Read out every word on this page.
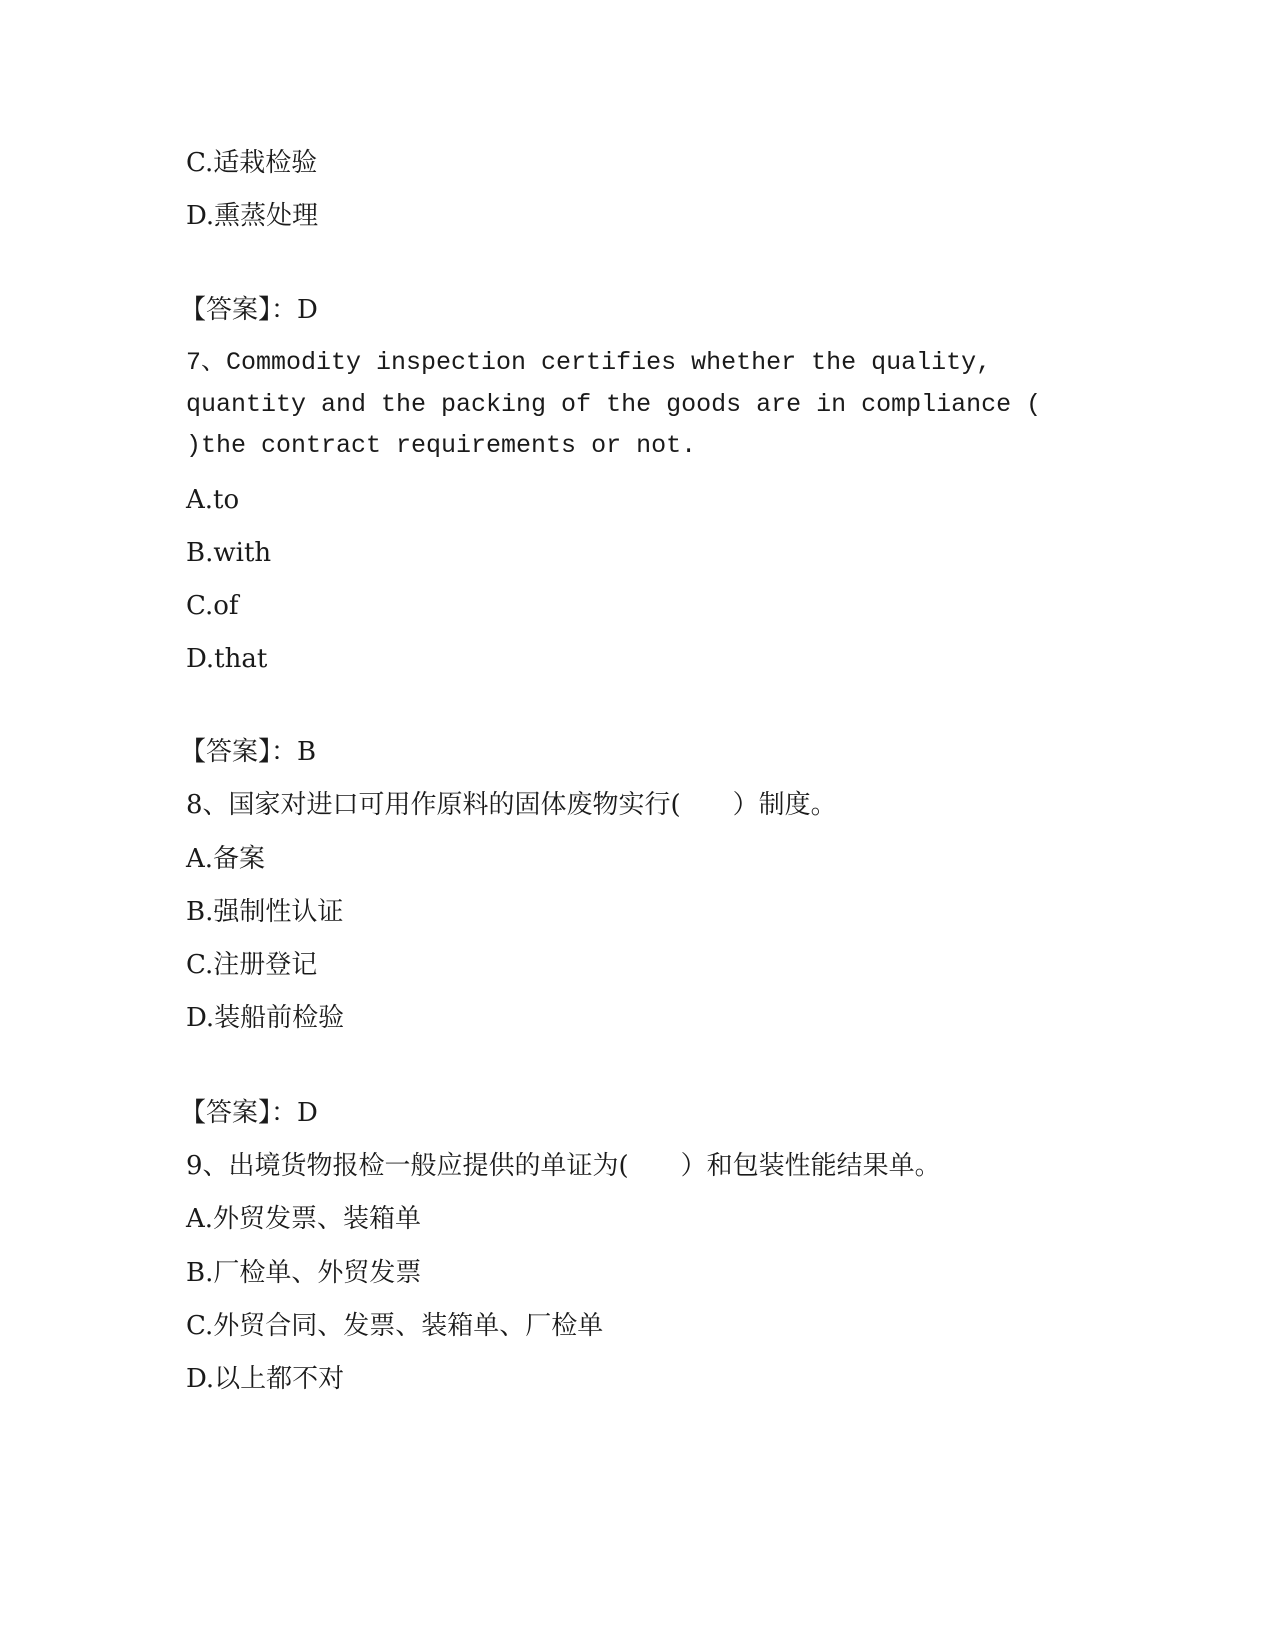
C.适栽检验
D.熏蒸处理
【答案】：D
7、Commodity inspection certifies whether the quality,
quantity and the packing of the goods are in compliance (
)the contract requirements or not.
A.to
B.with
C.of
D.that
【答案】：B
8、国家对进口可用作原料的固体废物实行(　　）制度。
A.备案
B.强制性认证
C.注册登记
D.装船前检验
【答案】：D
9、出境货物报检一般应提供的单证为(　　）和包装性能结果单。
A.外贸发票、装箱单
B.厂检单、外贸发票
C.外贸合同、发票、装箱单、厂检单
D.以上都不对
